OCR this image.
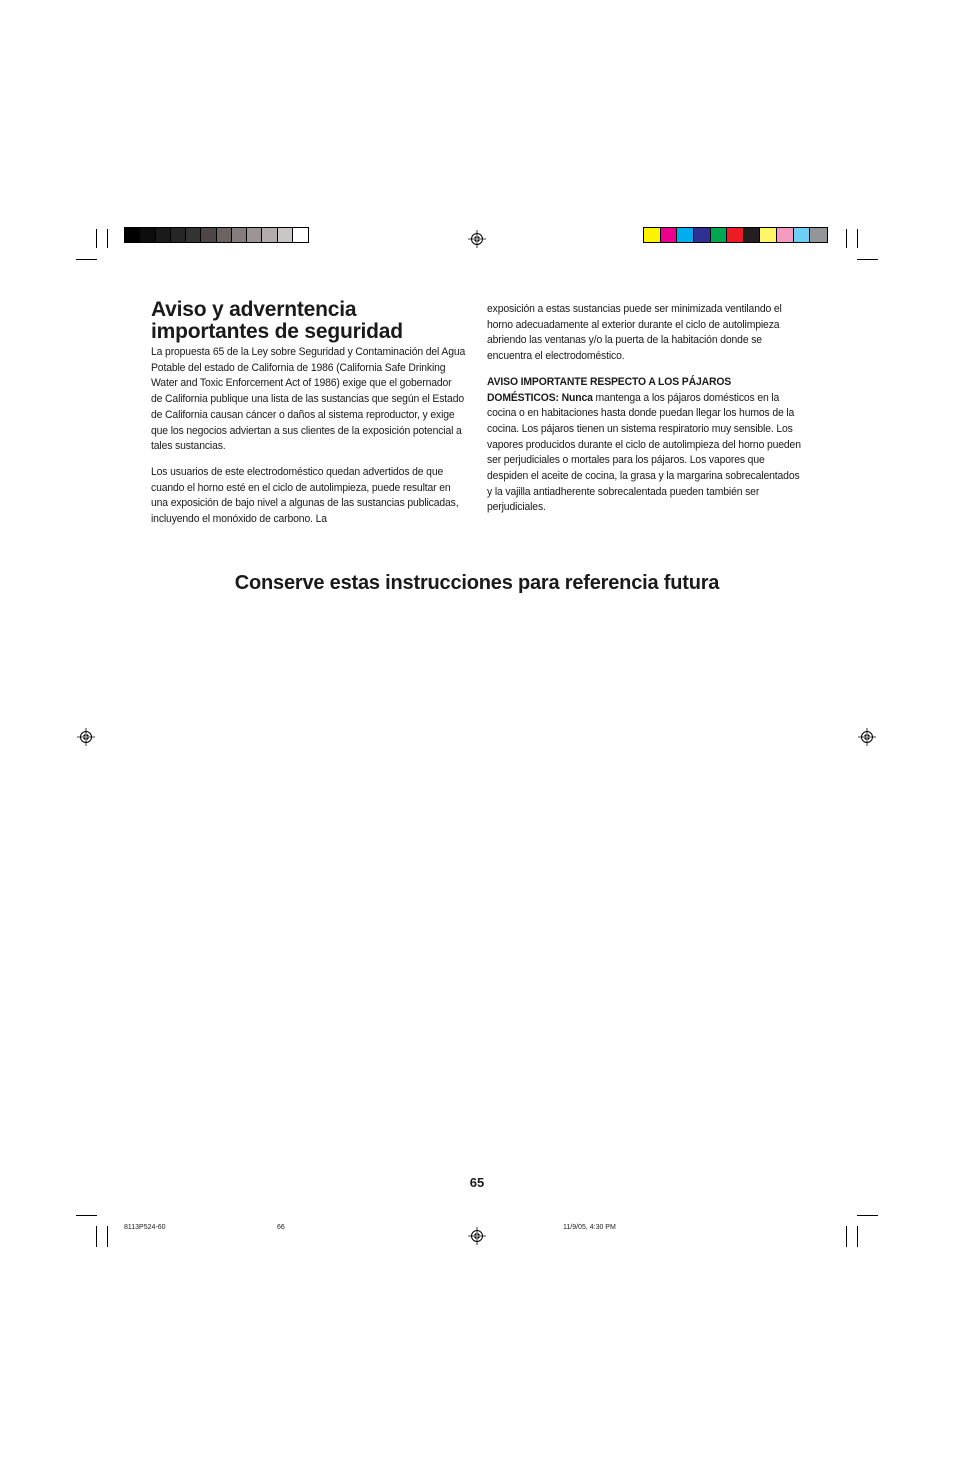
Aviso y adverntencia importantes de seguridad

La propuesta 65 de la Ley sobre Seguridad y Contaminación del Agua Potable del estado de California de 1986 (California Safe Drinking Water and Toxic Enforcement Act of 1986) exige que el gobernador de California publique una lista de las sustancias que según el Estado de California causan cáncer o daños al sistema reproductor, y exige que los negocios adviertan a sus clientes de la exposición potencial a tales sustancias.

Los usuarios de este electrodoméstico quedan advertidos de que cuando el horno esté en el ciclo de autolimpieza, puede resultar en una exposición de bajo nivel a algunas de las sustancias publicadas, incluyendo el monóxido de carbono. La

exposición a estas sustancias puede ser minimizada ventilando el horno adecuadamente al exterior durante el ciclo de autolimpieza abriendo las ventanas y/o la puerta de la habitación donde se encuentra el electrodoméstico.

AVISO IMPORTANTE RESPECTO A LOS PÁJAROS DOMÉSTICOS: Nunca mantenga a los pájaros domésticos en la cocina o en habitaciones hasta donde puedan llegar los humos de la cocina. Los pájaros tienen un sistema respiratorio muy sensible. Los vapores producidos durante el ciclo de autolimpieza del horno pueden ser perjudiciales o mortales para los pájaros. Los vapores que despiden el aceite de cocina, la grasa y la margarina sobrecalentados y la vajilla antiadherente sobrecalentada pueden también ser perjudiciales.

Conserve estas instrucciones para referencia futura
65
8113P524-60	66	11/9/05, 4:30 PM
